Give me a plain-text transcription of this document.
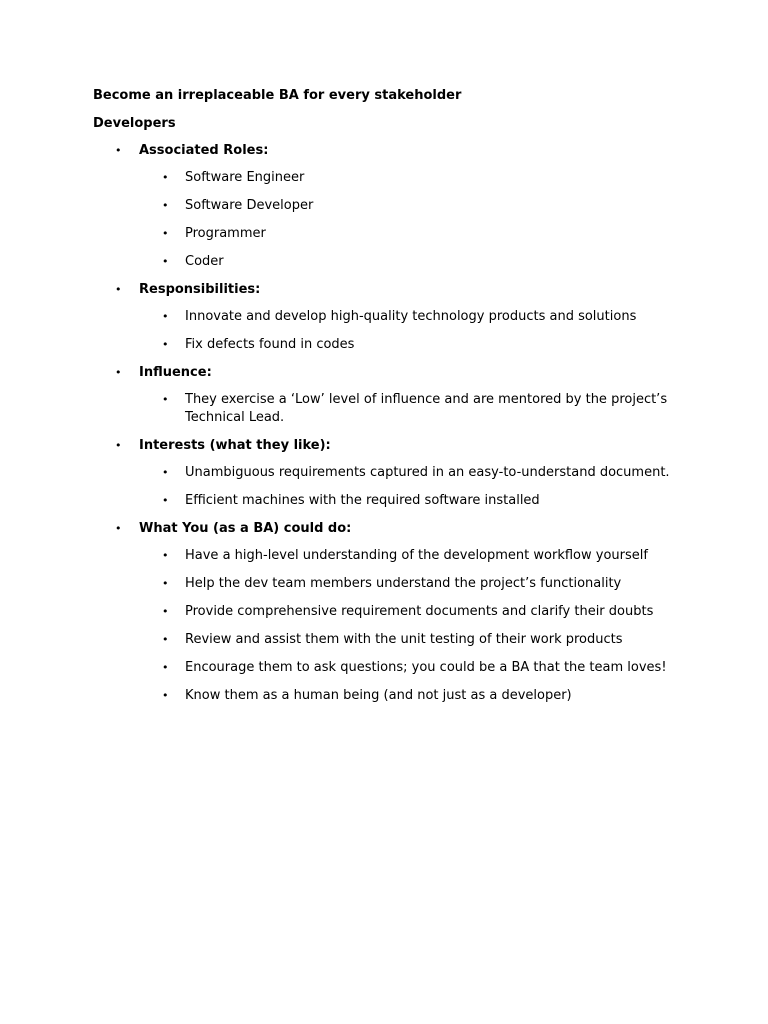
Become an irreplaceable BA for every stakeholder

Developers

• Associated Roles:
• Software Engineer
• Software Developer
• Programmer
• Coder
• Responsibilities:
• Innovate and develop high-quality technology products and solutions
• Fix defects found in codes
• Influence:
• They exercise a ‘Low’ level of influence and are mentored by the project’s Technical Lead.
• Interests (what they like):
• Unambiguous requirements captured in an easy-to-understand document.
• Efficient machines with the required software installed
• What You (as a BA) could do:
• Have a high-level understanding of the development workflow yourself
• Help the dev team members understand the project’s functionality
• Provide comprehensive requirement documents and clarify their doubts
• Review and assist them with the unit testing of their work products
• Encourage them to ask questions; you could be a BA that the team loves!
• Know them as a human being (and not just as a developer)
